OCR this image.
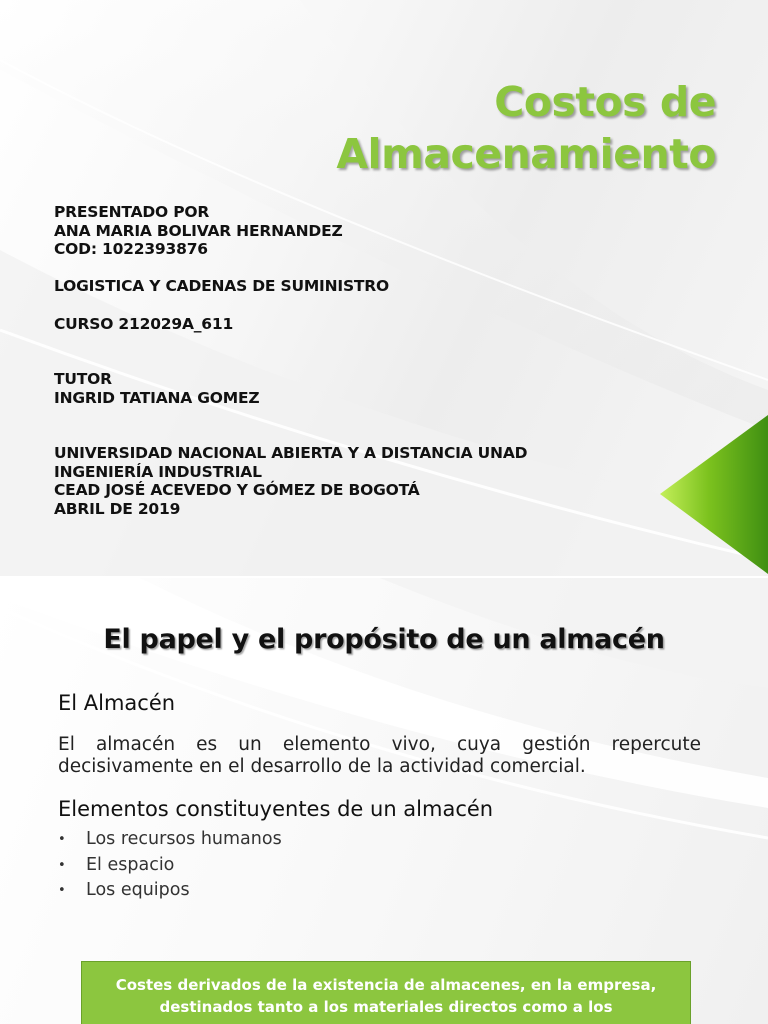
Costos de
Almacenamiento
PRESENTADO POR
ANA MARIA BOLIVAR HERNANDEZ
COD: 1022393876
LOGISTICA Y CADENAS DE SUMINISTRO
CURSO 212029A_611
TUTOR
INGRID TATIANA GOMEZ
UNIVERSIDAD NACIONAL ABIERTA Y A DISTANCIA UNAD
INGENIERÍA INDUSTRIAL
CEAD JOSÉ ACEVEDO Y GÓMEZ DE BOGOTÁ
ABRIL DE 2019
El papel y el propósito de un almacén
El Almacén
El almacén es un elemento vivo, cuya gestión repercute decisivamente en el desarrollo de la actividad comercial.
Elementos constituyentes de un almacén
• Los recursos humanos
• El espacio
• Los equipos
Costes derivados de la existencia de almacenes, en la empresa, destinados tanto a los materiales directos como a los
